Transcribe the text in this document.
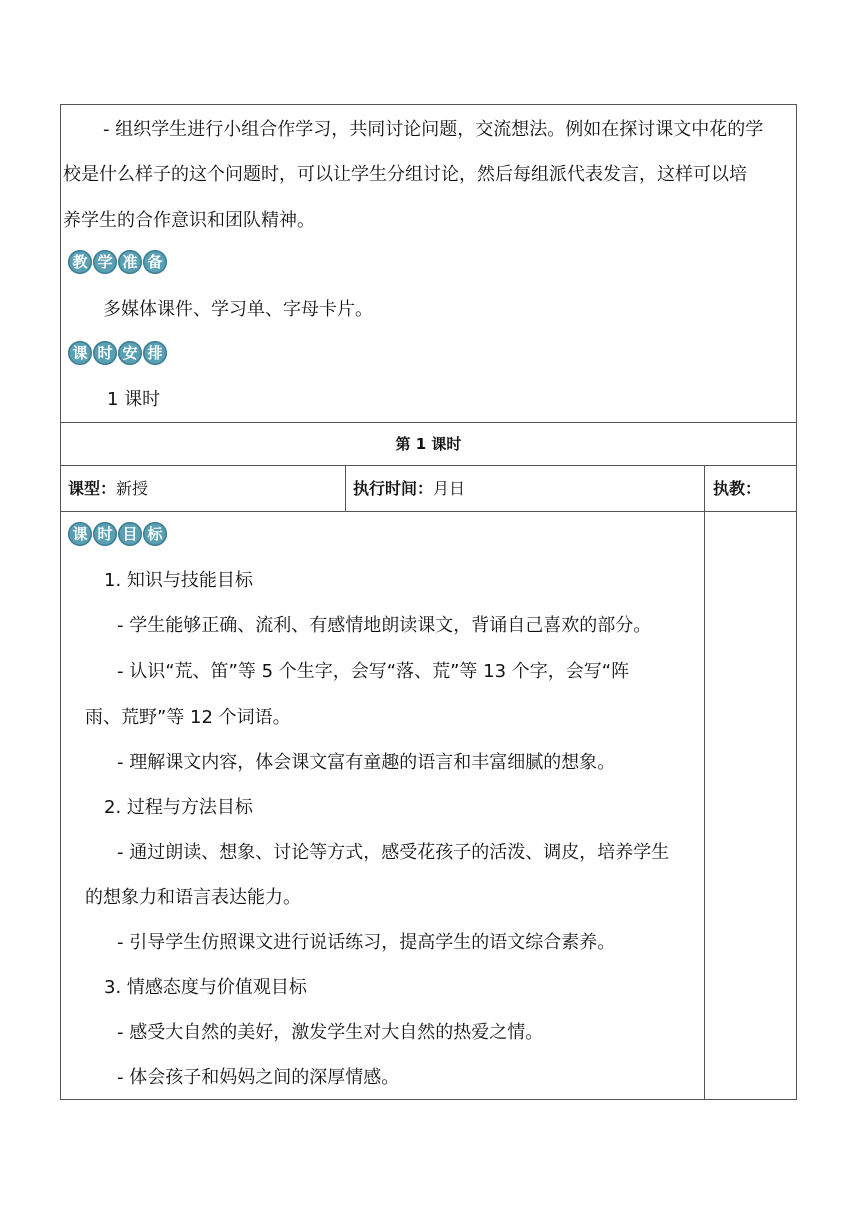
- 组织学生进行小组合作学习，共同讨论问题，交流想法。例如在探讨课文中花的学
校是什么样子的这个问题时，可以让学生分组讨论，然后每组派代表发言，这样可以培
养学生的合作意识和团队精神。
教 学 准 备
多媒体课件、学习单、字母卡片。
课 时 安 排
1 课时
第 1 课时
课型：新授	执行时间：月日	执教：
课 时 目 标
1. 知识与技能目标
- 学生能够正确、流利、有感情地朗读课文，背诵自己喜欢的部分。
- 认识“荒、笛”等 5 个生字，会写“落、荒”等 13 个字，会写“阵
雨、荒野”等 12 个词语。
- 理解课文内容，体会课文富有童趣的语言和丰富细腻的想象。
2. 过程与方法目标
- 通过朗读、想象、讨论等方式，感受花孩子的活泼、调皮，培养学生
的想象力和语言表达能力。
- 引导学生仿照课文进行说话练习，提高学生的语文综合素养。
3. 情感态度与价值观目标
- 感受大自然的美好，激发学生对大自然的热爱之情。
- 体会孩子和妈妈之间的深厚情感。
